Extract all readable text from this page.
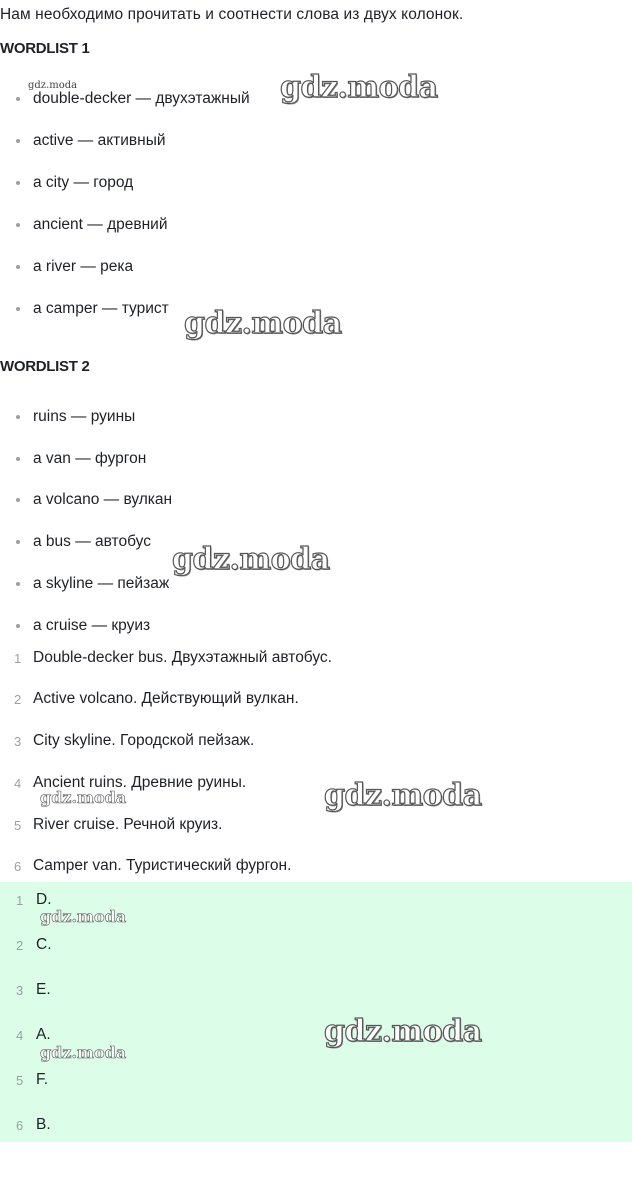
Нам необходимо прочитать и соотнести слова из двух колонок.
WORDLIST 1
double-decker — двухэтажный
active — активный
a city — город
ancient — древний
a river — река
a camper — турист
WORDLIST 2
ruins — руины
a van — фургон
a volcano — вулкан
a bus — автобус
a skyline — пейзаж
a cruise — круиз
1 Double-decker bus. Двухэтажный автобус.
2 Active volcano. Действующий вулкан.
3 City skyline. Городской пейзаж.
4 Ancient ruins. Древние руины.
5 River cruise. Речной круиз.
6 Camper van. Туристический фургон.
1 D.
2 C.
3 E.
4 A.
5 F.
6 B.
gdz.moda	gdz.moda
gdz.moda
gdz.moda
gdz.moda	gdz.moda
gdz.moda
gdz.moda
gdz.moda
